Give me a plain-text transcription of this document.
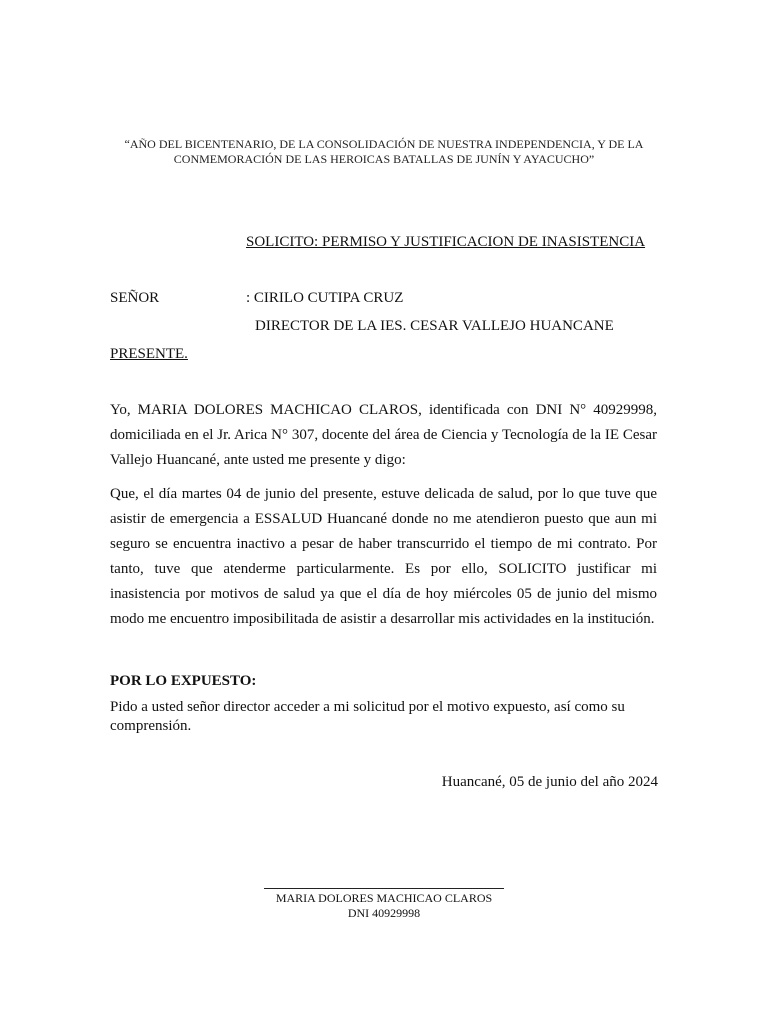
“AÑO DEL BICENTENARIO, DE LA CONSOLIDACIÓN DE NUESTRA INDEPENDENCIA, Y DE LA CONMEMORACIÓN DE LAS HEROICAS BATALLAS DE JUNÍN Y AYACUCHO”
SOLICITO: PERMISO Y JUSTIFICACION DE INASISTENCIA
SEÑOR	: CIRILO CUTIPA CRUZ
DIRECTOR DE LA IES. CESAR VALLEJO HUANCANE
PRESENTE.

Yo, MARIA DOLORES MACHICAO CLAROS, identificada con DNI N° 40929998, domiciliada en el Jr. Arica N° 307, docente del área de Ciencia y Tecnología de la IE Cesar Vallejo Huancané, ante usted me presente y digo:

Que, el día martes 04 de junio del presente, estuve delicada de salud, por lo que tuve que asistir de emergencia a ESSALUD Huancané donde no me atendieron puesto que aun mi seguro se encuentra inactivo a pesar de haber transcurrido el tiempo de mi contrato. Por tanto, tuve que atenderme particularmente. Es por ello, SOLICITO justificar mi inasistencia por motivos de salud ya que el día de hoy miércoles 05 de junio del mismo modo me encuentro imposibilitada de asistir a desarrollar mis actividades en la institución.

POR LO EXPUESTO:

Pido a usted señor director acceder a mi solicitud por el motivo expuesto, así como su comprensión.

Huancané, 05 de junio del año 2024
MARIA DOLORES MACHICAO CLAROS
DNI 40929998
